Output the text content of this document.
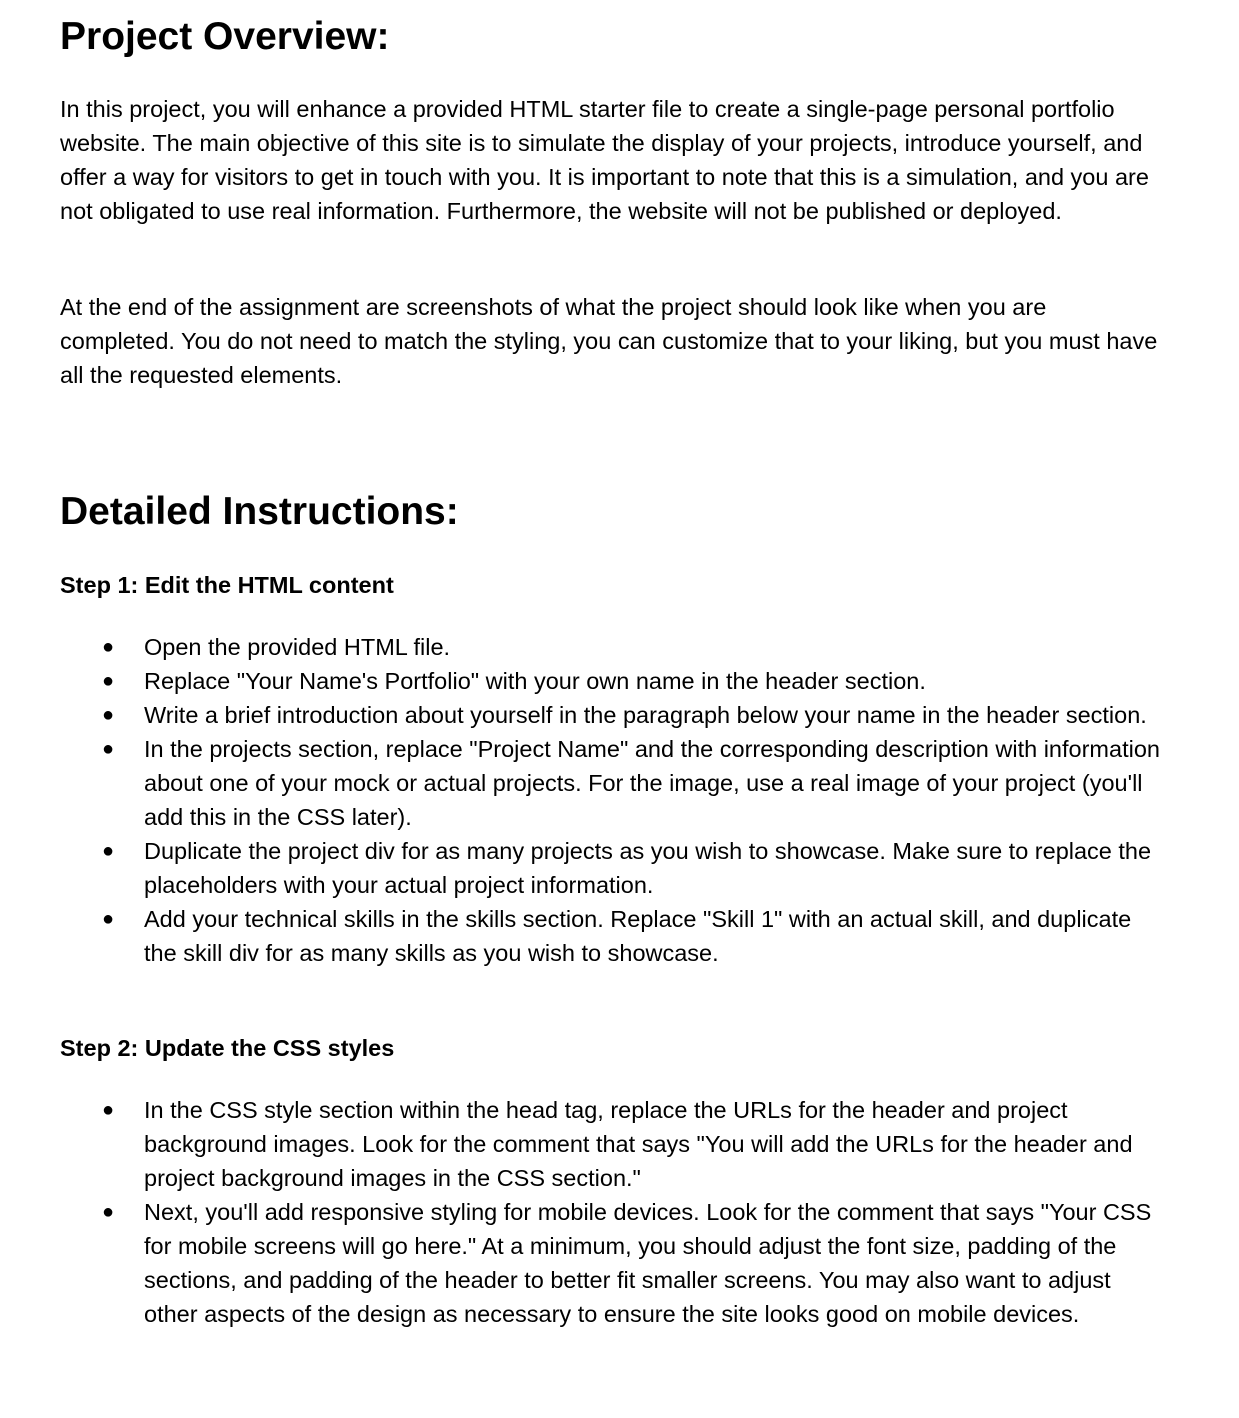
Project Overview:

In this project, you will enhance a provided HTML starter file to create a single-page personal portfolio website. The main objective of this site is to simulate the display of your projects, introduce yourself, and offer a way for visitors to get in touch with you. It is important to note that this is a simulation, and you are not obligated to use real information. Furthermore, the website will not be published or deployed.

At the end of the assignment are screenshots of what the project should look like when you are completed. You do not need to match the styling, you can customize that to your liking, but you must have all the requested elements.

Detailed Instructions:
Step 1: Edit the HTML content
● Open the provided HTML file.
● Replace "Your Name's Portfolio" with your own name in the header section.
● Write a brief introduction about yourself in the paragraph below your name in the header section.
● In the projects section, replace "Project Name" and the corresponding description with information about one of your mock or actual projects. For the image, use a real image of your project (you'll add this in the CSS later).
● Duplicate the project div for as many projects as you wish to showcase. Make sure to replace the placeholders with your actual project information.
● Add your technical skills in the skills section. Replace "Skill 1" with an actual skill, and duplicate the skill div for as many skills as you wish to showcase.
Step 2: Update the CSS styles
● In the CSS style section within the head tag, replace the URLs for the header and project background images. Look for the comment that says "You will add the URLs for the header and project background images in the CSS section."
● Next, you'll add responsive styling for mobile devices. Look for the comment that says "Your CSS for mobile screens will go here." At a minimum, you should adjust the font size, padding of the sections, and padding of the header to better fit smaller screens. You may also want to adjust other aspects of the design as necessary to ensure the site looks good on mobile devices.
